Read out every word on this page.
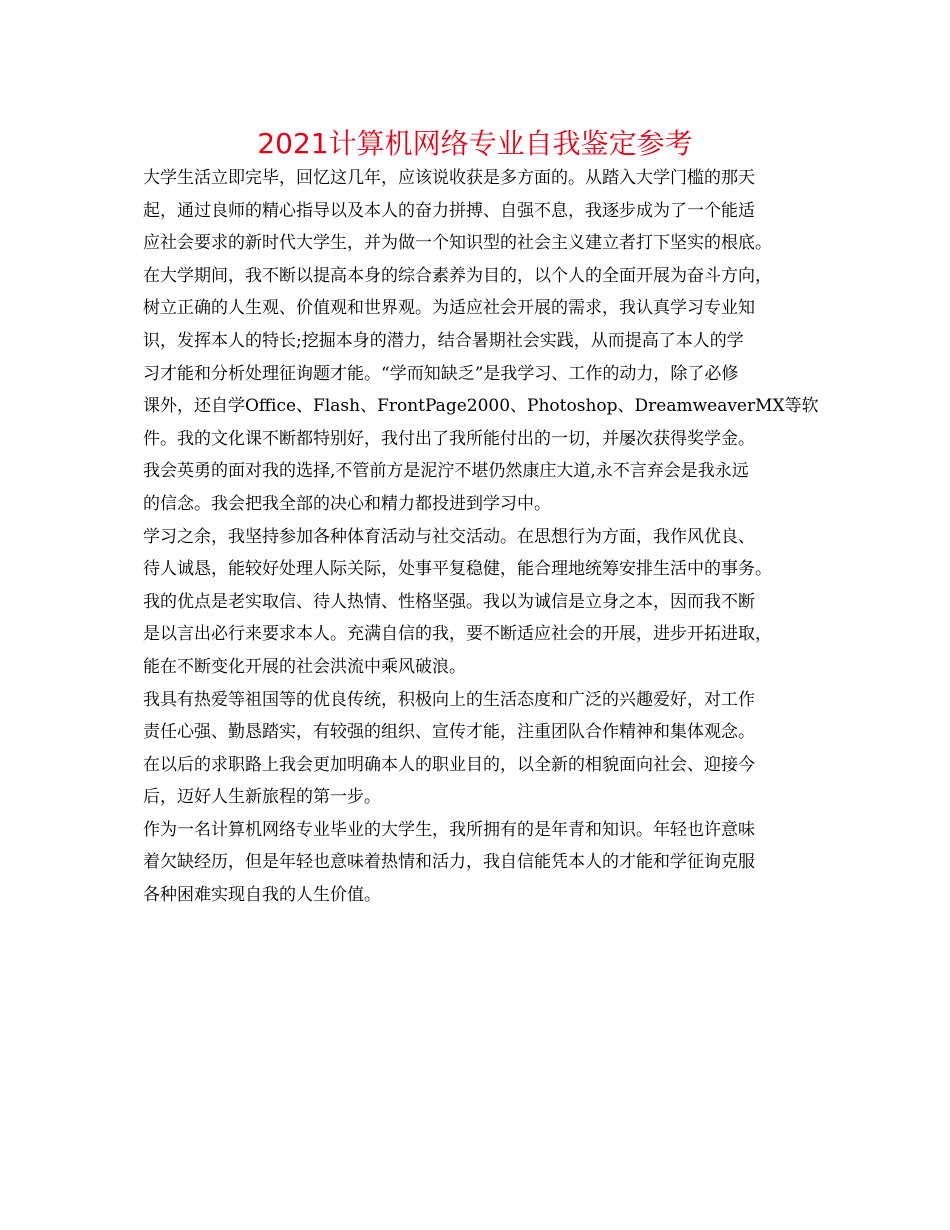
2021计算机网络专业自我鉴定参考
大学生活立即完毕，回忆这几年，应该说收获是多方面的。从踏入大学门槛的那天
起，通过良师的精心指导以及本人的奋力拼搏、自强不息，我逐步成为了一个能适
应社会要求的新时代大学生，并为做一个知识型的社会主义建立者打下坚实的根底。
在大学期间，我不断以提高本身的综合素养为目的，以个人的全面开展为奋斗方向，
树立正确的人生观、价值观和世界观。为适应社会开展的需求，我认真学习专业知
识，发挥本人的特长;挖掘本身的潜力，结合暑期社会实践，从而提高了本人的学
习才能和分析处理征询题才能。“学而知缺乏”是我学习、工作的动力，除了必修
课外，还自学Office、Flash、FrontPage2000、Photoshop、DreamweaverMX等软
件。我的文化课不断都特别好，我付出了我所能付出的一切，并屡次获得奖学金。
我会英勇的面对我的选择,不管前方是泥泞不堪仍然康庄大道,永不言弃会是我永远
的信念。我会把我全部的决心和精力都投进到学习中。
学习之余，我坚持参加各种体育活动与社交活动。在思想行为方面，我作风优良、
待人诚恳，能较好处理人际关际，处事平复稳健，能合理地统筹安排生活中的事务。
我的优点是老实取信、待人热情、性格坚强。我以为诚信是立身之本，因而我不断
是以言出必行来要求本人。充满自信的我，要不断适应社会的开展，进步开拓进取，
能在不断变化开展的社会洪流中乘风破浪。
我具有热爱等祖国等的优良传统，积极向上的生活态度和广泛的兴趣爱好，对工作
责任心强、勤恳踏实，有较强的组织、宣传才能，注重团队合作精神和集体观念。
在以后的求职路上我会更加明确本人的职业目的，以全新的相貌面向社会、迎接今
后，迈好人生新旅程的第一步。
作为一名计算机网络专业毕业的大学生，我所拥有的是年青和知识。年轻也许意味
着欠缺经历，但是年轻也意味着热情和活力，我自信能凭本人的才能和学征询克服
各种困难实现自我的人生价值。
